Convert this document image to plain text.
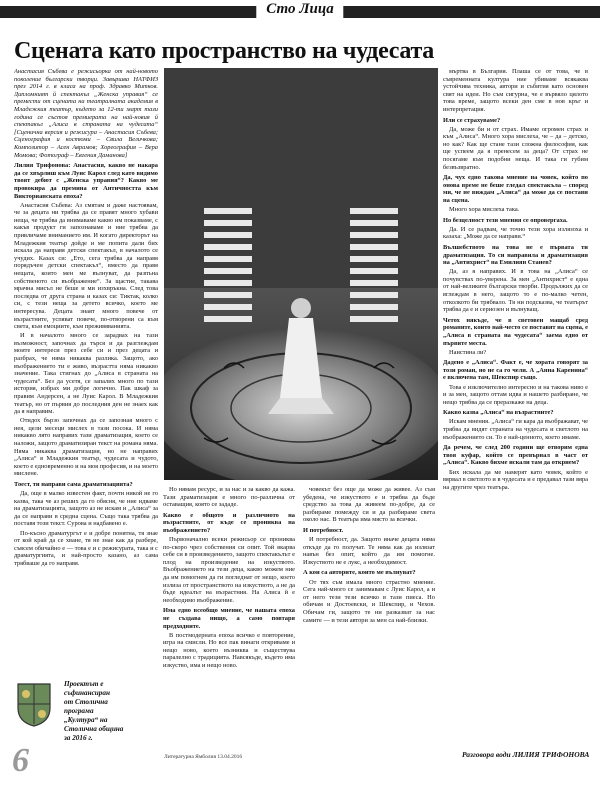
Сто Лица
Сцената като пространство на чудесата

Анастасия Събева е режисьорка от най-новото поколение български творци. Завършва НАТФИЗ през 2014 г. в класа на проф. Здравко Митков. Дипломният й спектакъл „Женска управия“ се премести от сцената на театралната академия в Младежкия театър, където за 12-ти март тази година се състоя премиерата на най-новия й спектакъл „Алиса в страната на чудесата“ [Сценична версия и режисура – Анастасия Събева; Сценография и костюми – Свила Величкова; Композитор – Асен Аврамов; Хореография – Вера Момова; Фотограф – Евгения Даманова]

Лилия Трифонова: Анастасия, какво не накара да се хвърлиш към Луис Карол след като видимо твоят дебют с „Женска управия“? Какво ме провокира да премина от Античността към Викторианската епоха?

Анастасия Събева: Аз смятам и даже настоявам, че за децата ни трябва да се правят много хубави неща, че трябва да внимаваме какво им показваме, с какъв продукт ги запознаваме и ние трябва да привличаме вниманието им. И когато директорът на Младежкия театър дойде и ме попита дали бих искала да направя детски спектакъл, в началото се учудих. Казах си: „Ето, сега трябва да направя порядъчен детски спектакъл“, вместо да правя нещата, които мен ме вълнуват, да разпъна собственото си въображение“. За щастие, такава мрачна мисъл не беше и ми изхвръкна. След това последва от друга страна и казах си: Тиктак, колко си, с тези неща за детето всичко, което ме интересува. Децата знаят много повече от възрастните, успяват повече, по-отворени са към света, към емоциите, към преживяванията.

И в началото много се зарадвах на тази възможност, започнах да търся и да разглеждам моите интереси през себе си и през децата и разбрах, че няма никаква разлика. Защото, ако въображението ти е живо, възрастта няма никакво значение. Така стигнах до „Алиса в страната на чудесата“. Без да усетя, се запалих много по тази история, избрах ми добре логично. Пак шкаф за правим Андерсен, а не Луис Карол. В Младежкия театър, но от първия до последния ден не знаех как да я направим.

Отидох бързо започнах да се запозная много с нея, цели месеци мислех в тази посока. И няма никакво лято направих тази драматизация, което се наложи, защото драматизиран текст на романа няма. Няма никаква драматизация, но не направих „Алиса“ в Младежкия театър, чудесата и чудото, което е едновременно и на моя професия, и на моето мислене.

Тоест, ти направи сама драматизацията?

Да, още в малко известен факт, почти никой не го казва, така че аз реших да го обясня, че ние идваме на драматизацията, защото аз не искам и „Алиса“ за да се направи в средна сцена. Също така трябва да поставя този текст. Сурова и надбавено е.

По-късно драматургът е и добре понятна, тя знае от кой край да се хване, тя не знае как да разбере, съвсем обичайно е — това е и с режисурата, така и с драматургията, и най-просто казано, аз сама трябваше да го направя.

Но нямам ресурс, и за нас и за какво да кажа. Тази драматизация е много по-различна от оставащия, която се зададе.

Какво е общото и различното на възрастните, от къде се прониква на въображението?

Първоначално всеки режисьор се прониква по-скоро чрез собствения си опит. Той вкарва себе си в произведението, защото спектакълът е плод на произведение на изкуството. Въображението на тези деца, какво можем ние да им помогнем да ги погледнат от нещо, което излиза от пространството на изкуството, а не да бъде идеалът на възрастния. На Алиса й е необходимо въображение.

Има едно всеобщо мнение, че нашата епоха не създава нищо, а само повтаря предходните.

В постмодерната епоха всичко е повторение, игра на смисли. Но все пак винаги откриваме и нещо ново, което възниква и съществува паралелно с традицията. Навсякъде, където има изкуство, има и нещо ново.

човекът без още да може да живее. Аз съм убедена, че изкуството е и трябва да бъде средство за това да живеем по-добре, да се разбираме помежду си и да разбираме света около нас. В театъра има място за всички.

И потребност.

И потребност, да. Защото иначе децата няма откъде да го получат. Те няма как да излязат навън без опит, който да им помогне. Изкуството не е лукс, а необходимост.

А кои са авторите, които ме вълнуват?

От тях съм имала много страстно мнение. Сега най-много се занимавам с Луис Карол, а и от него тези тези всичко в тази пиеса. Но обичам и Достоевски, и Шекспир, и Чехов. Обичам ги, защото те ни разказват за нас самите — и тези автори за мен са най-близки.

мъртва в България. Плаша се от това, че в съвременната култура ние убиваме всякаква устойчива техника, автори и събития като основен свят на идеи. Но съм сигурна, че е вървяло цялото това време, защото всеки ден сме в нов кръг и интерпретация.

Или се страхуваме?

Да, може би и от страх. Имаме огромен страх и към „Алиса“. Много хора мислеха, че – да – детско, но как? Как ще стане тази сложна философия, как ще успеем да я пренесем за деца? От страх не посягаме към подобни неща. И така ги губим безвъзвратно.

Да, чух едно такова мнение на човек, който по онова време не беше гледал спектакъла – според ми, че не виждам „Алиса“ да може да се постави на сцена.

Много хора мислеха така.

Но безцелност тези мнения се опровергаха.

Да. И се радвам, че точно тези хора излязоха и казаха: „Може да се направи.“

Вълшебството на това не е първата ти драматизация. То си направила и драматизация на „Антихрист“ на Емилиян Станев?

Да, аз я направих. И в това на „Алиса“ се почувствах по-уверена. За мен „Антихрист“ е една от най-великите български творби. Продължих да се вглеждам в него, защото то е по-малко четен, отколкото би трябвало. Тя ни подсказва, че театърът трябва да е и сериозен и вълнуващ.

Четох някъде, че в световен мащаб сред романите, които най-често се поставят на сцена, е „Алиса в страната на чудесата“ заема едно от първите места.

Наистина ли?

Дадено е „Алиса“. Факт е, че хората говорят за този роман, но не са го чели. А „Анна Каренина“ е включена там, Шекспир също.

Това е изключително интересно и на такова ниво е и за мен, защото оттам идва и нашето разбиране, че нещо трябва да се преразкаже на деца.

Какво казва „Алиса“ на възрастните?

Искам мнения. „Алиса“ ги кара да въображават, че трябва да видят страната на чудесата и светлото на въображението си. То е най-ценното, което имаме.

Да речем, че след 200 години ще отворим една твоя куфар, който се превърнал в част от „Алиса“. Какво бихме искали там да открием?

Бих искала да ме намерят като човек, който е вярвал в светлото и в чудесата и е предавал тази вяра на другите чрез театъра.

Проектът е
съфинансиран
от Столична
програма
„Култура“ на
Столична община
за 2016 г.
6	Литературна Ямболия 13.04.2016	Разговора води ЛИЛИЯ ТРИФОНОВА
